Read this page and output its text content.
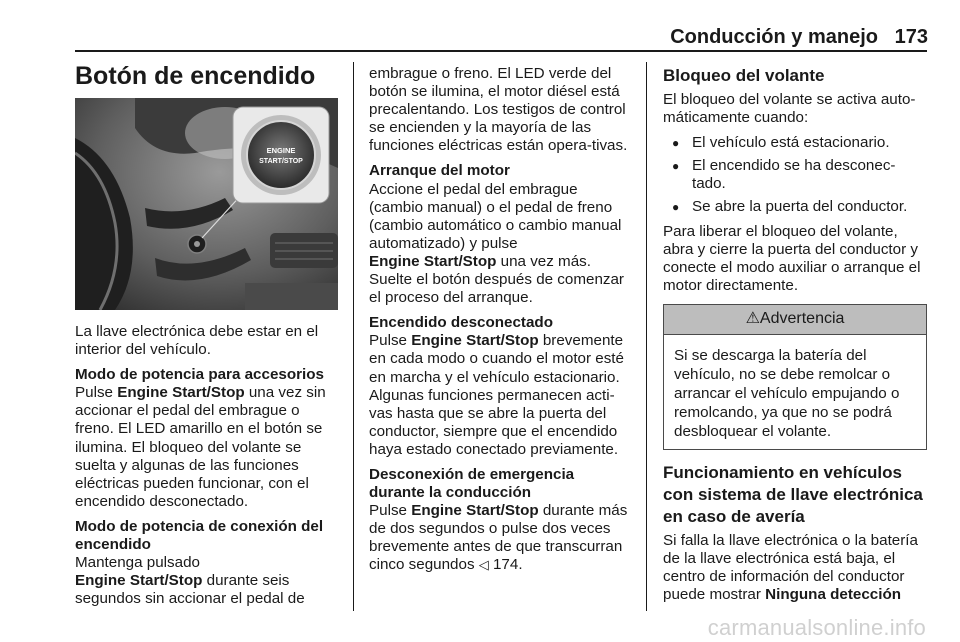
Conducción y manejo 173
Botón de encendido
ENGINE
START/STOP

La llave electrónica debe estar en el interior del vehículo.

Modo de potencia para accesorios

Pulse Engine Start/Stop una vez sin accionar el pedal del embrague o freno. El LED amarillo en el botón se ilumina. El bloqueo del volante se suelta y algunas de las funciones eléctricas pueden funcionar, con el encendido desconectado.

Modo de potencia de conexión del encendido

Mantenga pulsado
Engine Start/Stop durante seis segundos sin accionar el pedal de

embrague o freno. El LED verde del botón se ilumina, el motor diésel está precalentando. Los testigos de control se encienden y la mayoría de las funciones eléctricas están opera-tivas.

Arranque del motor

Accione el pedal del embrague (cambio manual) o el pedal de freno (cambio automático o cambio manual automatizado) y pulse
Engine Start/Stop una vez más.
Suelte el botón después de comenzar el proceso del arranque.

Encendido desconectado

Pulse Engine Start/Stop brevemente en cada modo o cuando el motor esté en marcha y el vehículo estacionario. Algunas funciones permanecen acti-vas hasta que se abre la puerta del conductor, siempre que el encendido haya estado conectado previamente.

Desconexión de emergencia durante la conducción

Pulse Engine Start/Stop durante más de dos segundos o pulse dos veces brevemente antes de que transcurran cinco segundos ◁ 174.

Bloqueo del volante

El bloqueo del volante se activa auto-máticamente cuando:

● El vehículo está estacionario.
● El encendido se ha desconec-tado.
● Se abre la puerta del conductor.

Para liberar el bloqueo del volante, abra y cierre la puerta del conductor y conecte el modo auxiliar o arranque el motor directamente.

⚠Advertencia
Si se descarga la batería del vehículo, no se debe remolcar o arrancar el vehículo empujando o remolcando, ya que no se podrá desbloquear el volante.
Funcionamiento en vehículos con sistema de llave electrónica en caso de avería

Si falla la llave electrónica o la batería de la llave electrónica está baja, el centro de información del conductor puede mostrar Ninguna detección

carmanualsonline.info
